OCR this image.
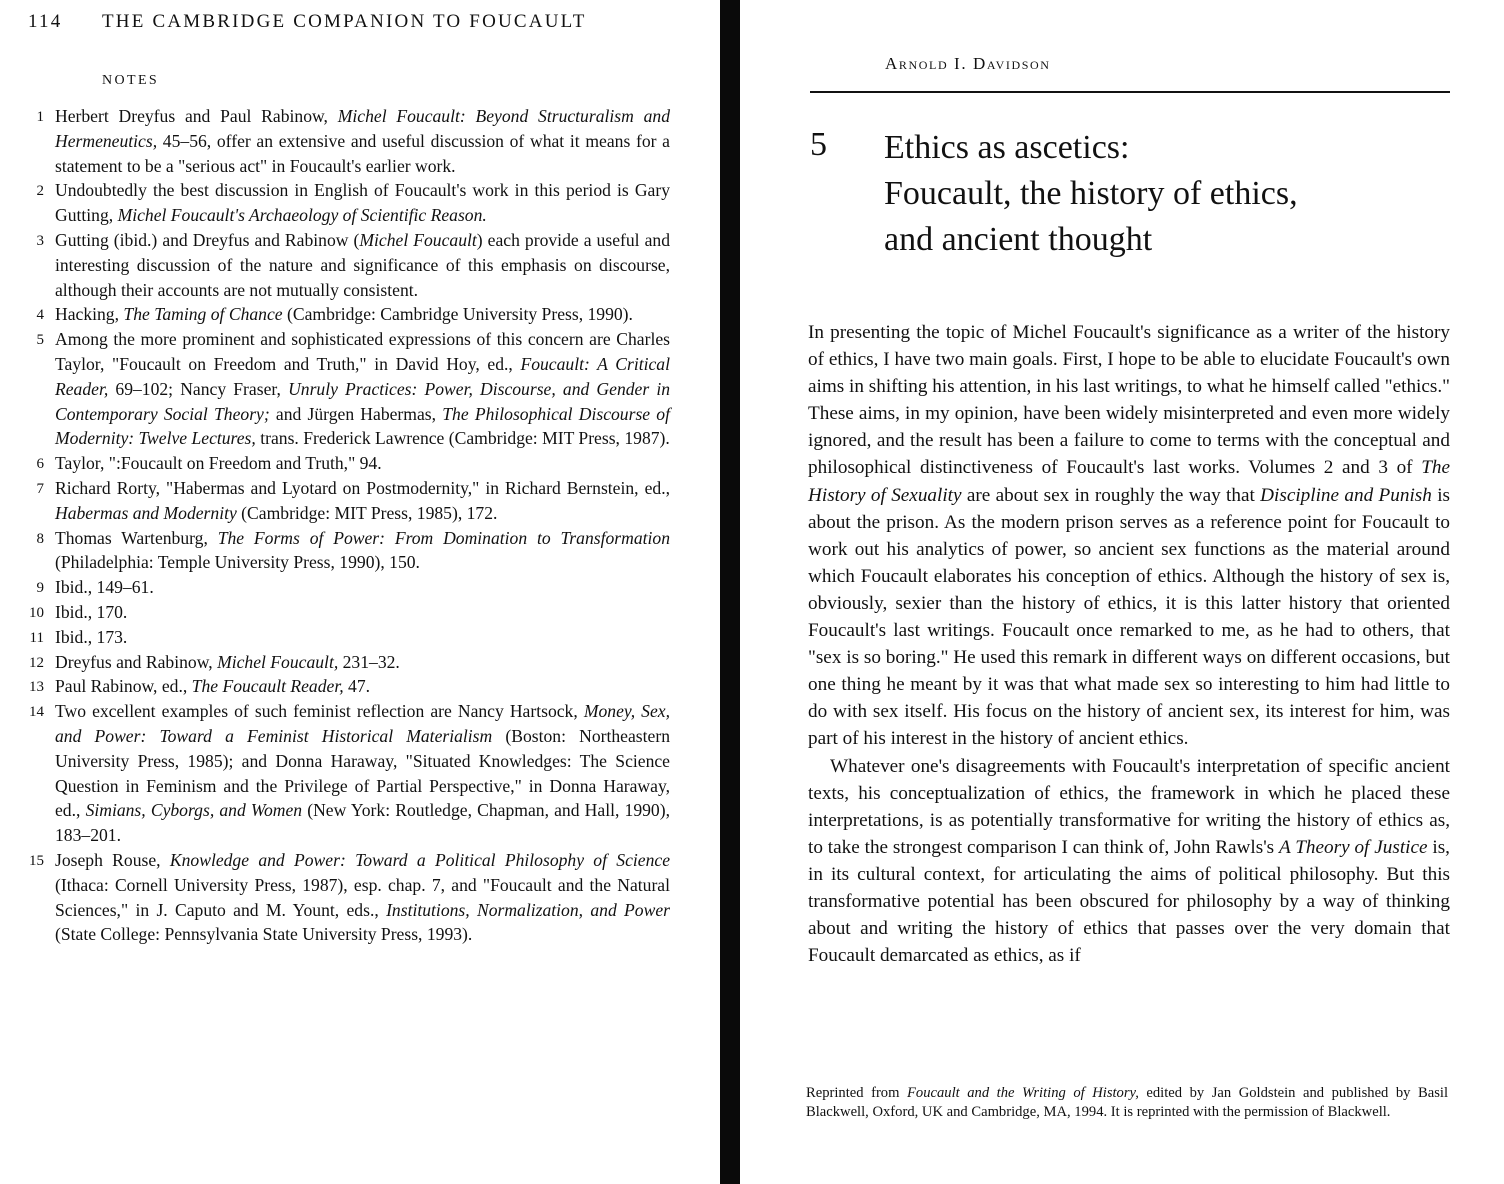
114 THE CAMBRIDGE COMPANION TO FOUCAULT
NOTES
1 Herbert Dreyfus and Paul Rabinow, Michel Foucault: Beyond Structuralism and Hermeneutics, 45–56, offer an extensive and useful discussion of what it means for a statement to be a "serious act" in Foucault's earlier work.
2 Undoubtedly the best discussion in English of Foucault's work in this period is Gary Gutting, Michel Foucault's Archaeology of Scientific Reason.
3 Gutting (ibid.) and Dreyfus and Rabinow (Michel Foucault) each provide a useful and interesting discussion of the nature and significance of this emphasis on discourse, although their accounts are not mutually consistent.
4 Hacking, The Taming of Chance (Cambridge: Cambridge University Press, 1990).
5 Among the more prominent and sophisticated expressions of this concern are Charles Taylor, "Foucault on Freedom and Truth," in David Hoy, ed., Foucault: A Critical Reader, 69–102; Nancy Fraser, Unruly Practices: Power, Discourse, and Gender in Contemporary Social Theory; and Jürgen Habermas, The Philosophical Discourse of Modernity: Twelve Lectures, trans. Frederick Lawrence (Cambridge: MIT Press, 1987).
6 Taylor, ":Foucault on Freedom and Truth," 94.
7 Richard Rorty, "Habermas and Lyotard on Postmodernity," in Richard Bernstein, ed., Habermas and Modernity (Cambridge: MIT Press, 1985), 172.
8 Thomas Wartenburg, The Forms of Power: From Domination to Transformation (Philadelphia: Temple University Press, 1990), 150.
9 Ibid., 149–61.
10 Ibid., 170.
11 Ibid., 173.
12 Dreyfus and Rabinow, Michel Foucault, 231–32.
13 Paul Rabinow, ed., The Foucault Reader, 47.
14 Two excellent examples of such feminist reflection are Nancy Hartsock, Money, Sex, and Power: Toward a Feminist Historical Materialism (Boston: Northeastern University Press, 1985); and Donna Haraway, "Situated Knowledges: The Science Question in Feminism and the Privilege of Partial Perspective," in Donna Haraway, ed., Simians, Cyborgs, and Women (New York: Routledge, Chapman, and Hall, 1990), 183–201.
15 Joseph Rouse, Knowledge and Power: Toward a Political Philosophy of Science (Ithaca: Cornell University Press, 1987), esp. chap. 7, and "Foucault and the Natural Sciences," in J. Caputo and M. Yount, eds., Institutions, Normalization, and Power (State College: Pennsylvania State University Press, 1993).
Arnold I. Davidson
5 Ethics as ascetics:
Foucault, the history of ethics,
and ancient thought

In presenting the topic of Michel Foucault's significance as a writer of the history of ethics, I have two main goals. First, I hope to be able to elucidate Foucault's own aims in shifting his attention, in his last writings, to what he himself called "ethics." These aims, in my opinion, have been widely misinterpreted and even more widely ignored, and the result has been a failure to come to terms with the conceptual and philosophical distinctiveness of Foucault's last works. Volumes 2 and 3 of The History of Sexuality are about sex in roughly the way that Discipline and Punish is about the prison. As the modern prison serves as a reference point for Foucault to work out his analytics of power, so ancient sex functions as the material around which Foucault elaborates his conception of ethics. Although the history of sex is, obviously, sexier than the history of ethics, it is this latter history that oriented Foucault's last writings. Foucault once remarked to me, as he had to others, that "sex is so boring." He used this remark in different ways on different occasions, but one thing he meant by it was that what made sex so interesting to him had little to do with sex itself. His focus on the history of ancient sex, its interest for him, was part of his interest in the history of ancient ethics.

Whatever one's disagreements with Foucault's interpretation of specific ancient texts, his conceptualization of ethics, the framework in which he placed these interpretations, is as potentially transformative for writing the history of ethics as, to take the strongest comparison I can think of, John Rawls's A Theory of Justice is, in its cultural context, for articulating the aims of political philosophy. But this transformative potential has been obscured for philosophy by a way of thinking about and writing the history of ethics that passes over the very domain that Foucault demarcated as ethics, as if

Reprinted from Foucault and the Writing of History, edited by Jan Goldstein and published by Basil Blackwell, Oxford, UK and Cambridge, MA, 1994. It is reprinted with the permission of Blackwell.
